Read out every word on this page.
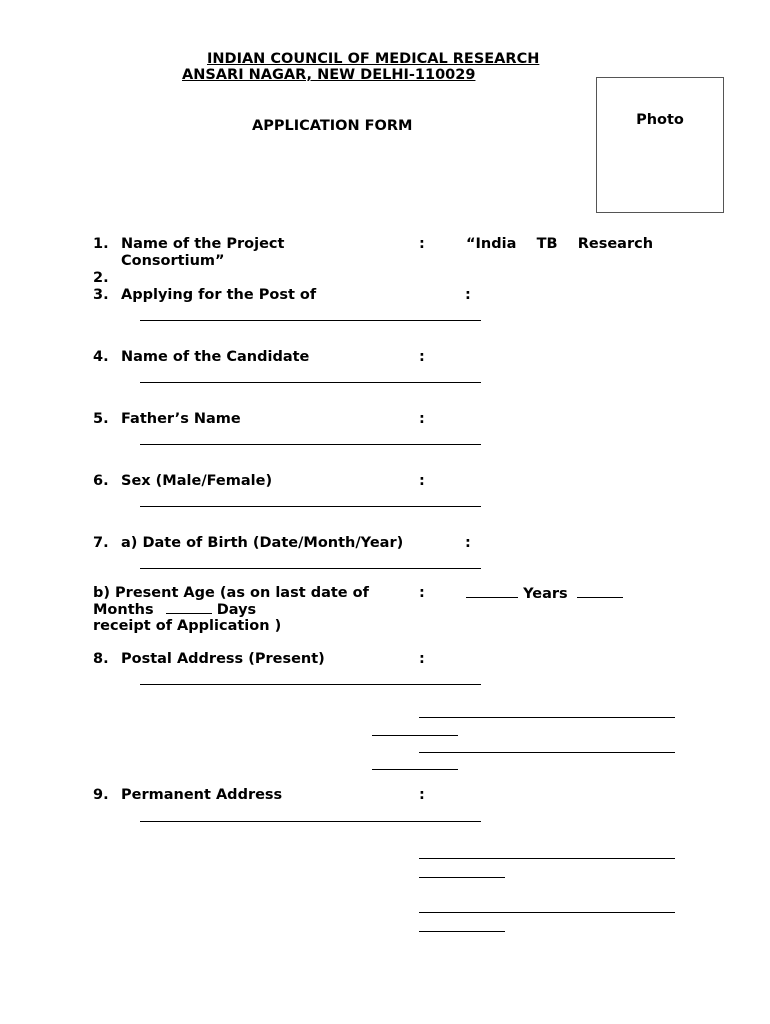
INDIAN COUNCIL OF MEDICAL RESEARCH
ANSARI NAGAR, NEW DELHI-110029
APPLICATION FORM	Photo
1. Name of the Project	:	“India    TB    Research
Consortium”
2.
3. Applying for the Post of	:
4. Name of the Candidate	:
5. Father’s Name	:
6. Sex (Male/Female)	:
7. a) Date of Birth (Date/Month/Year)	:
b) Present Age (as on last date of	:	Years
Months	Days
receipt of Application )
8. Postal Address (Present)	:
9. Permanent Address	:
